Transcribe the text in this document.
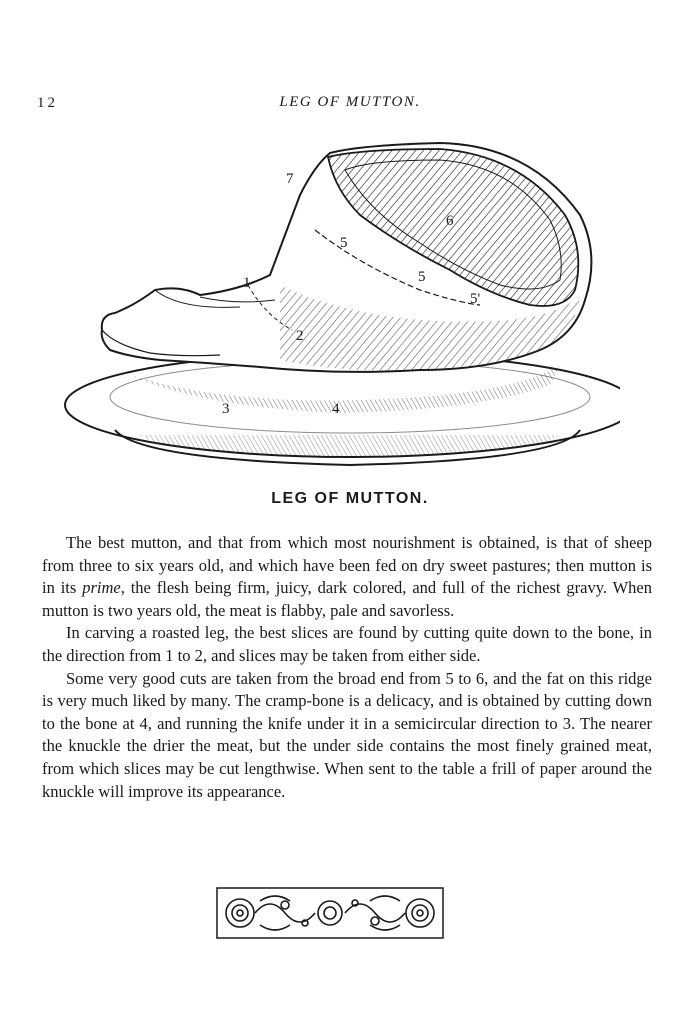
12	LEG OF MUTTON.
1
2
3	4
5
5
5'
6
7
LEG OF MUTTON.

The best mutton, and that from which most nourishment is obtained, is that of sheep from three to six years old, and which have been fed on dry sweet pastures; then mutton is in its prime, the flesh being firm, juicy, dark colored, and full of the richest gravy. When mutton is two years old, the meat is flabby, pale and savorless.

In carving a roasted leg, the best slices are found by cutting quite down to the bone, in the direction from 1 to 2, and slices may be taken from either side.

Some very good cuts are taken from the broad end from 5 to 6, and the fat on this ridge is very much liked by many. The cramp-bone is a delicacy, and is obtained by cutting down to the bone at 4, and running the knife under it in a semicircular direction to 3. The nearer the knuckle the drier the meat, but the under side contains the most finely grained meat, from which slices may be cut lengthwise. When sent to the table a frill of paper around the knuckle will improve its appearance.
